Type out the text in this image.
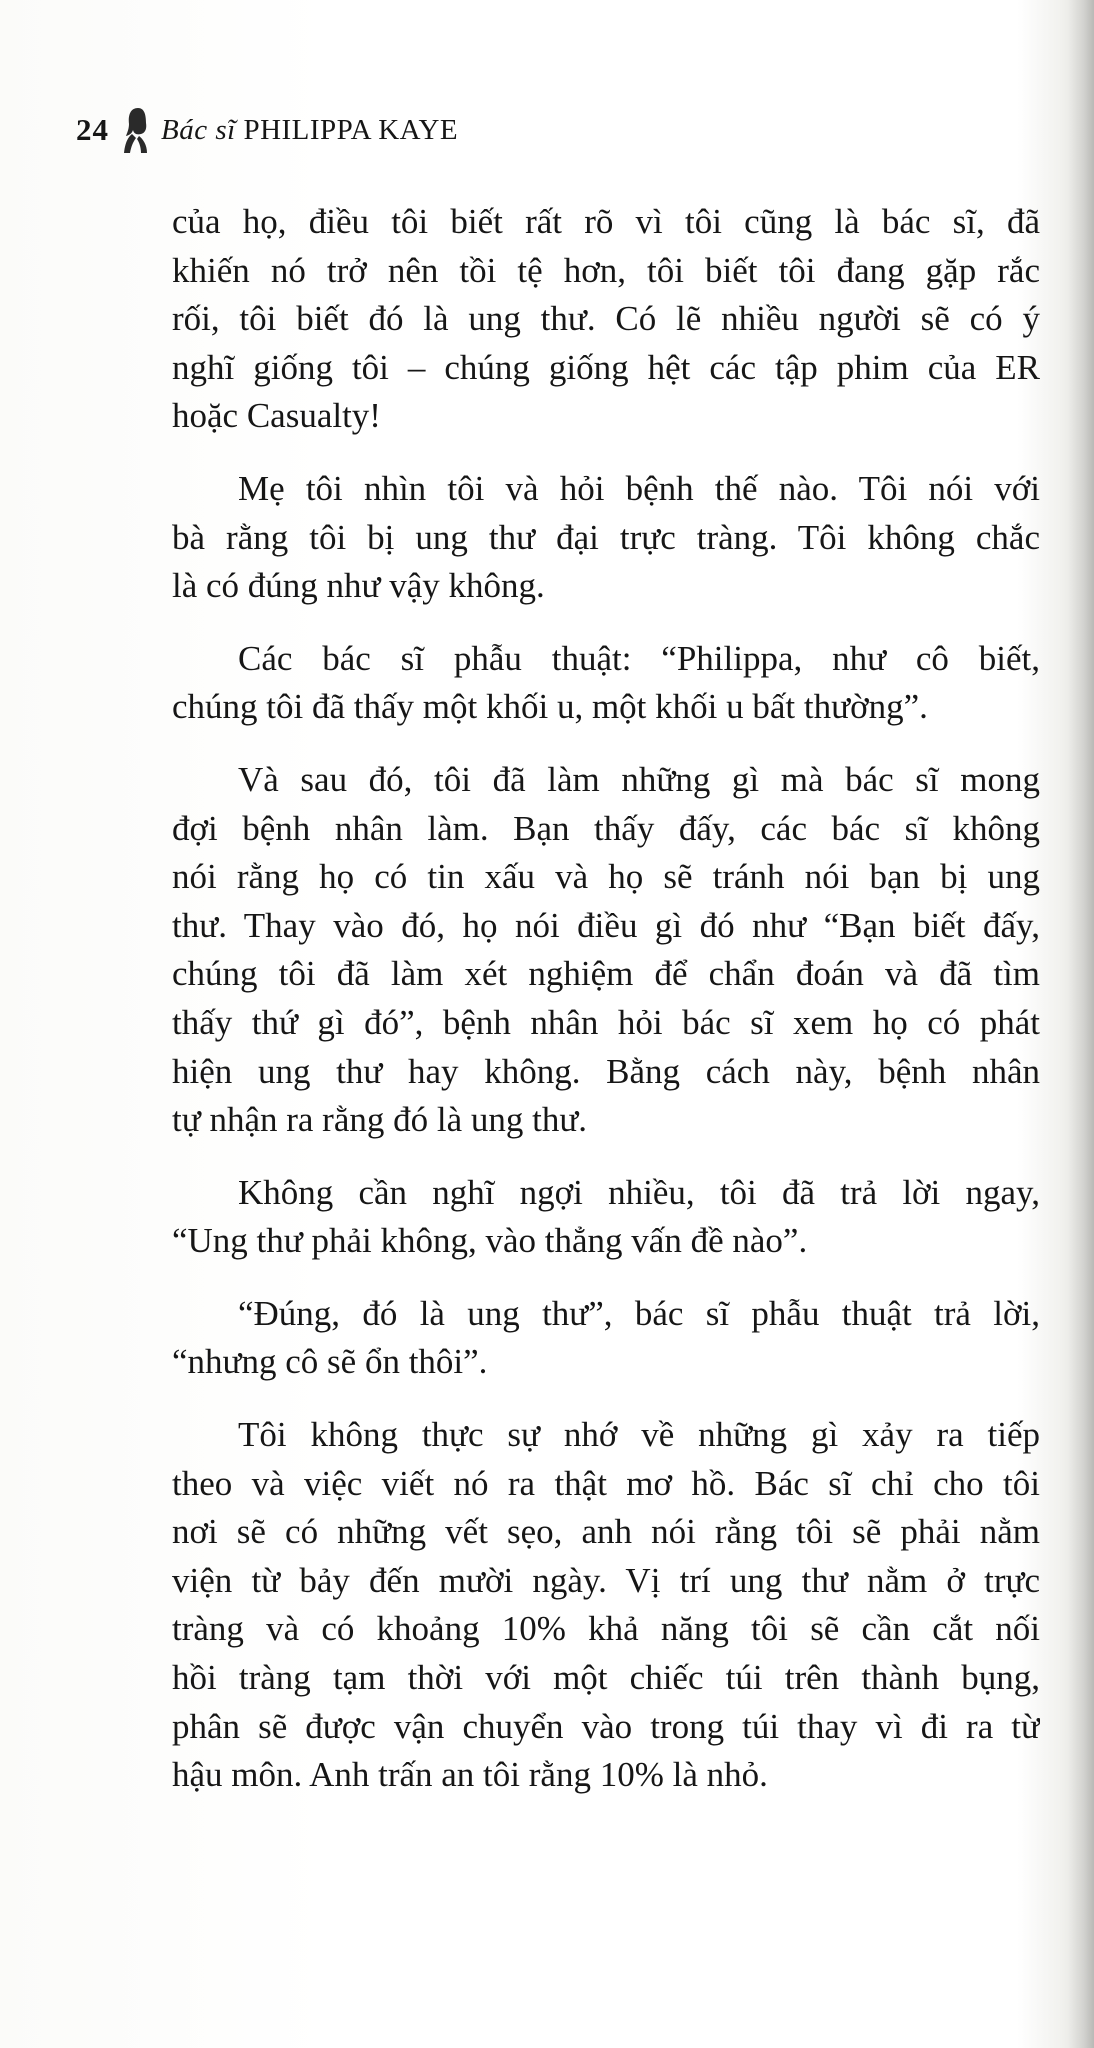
24 Bác sĩ PHILIPPA KAYE

của họ, điều tôi biết rất rõ vì tôi cũng là bác sĩ, đã
khiến nó trở nên tồi tệ hơn, tôi biết tôi đang gặp rắc
rối, tôi biết đó là ung thư. Có lẽ nhiều người sẽ có ý
nghĩ giống tôi – chúng giống hệt các tập phim của ER
hoặc Casualty!

Mẹ tôi nhìn tôi và hỏi bệnh thế nào. Tôi nói với
bà rằng tôi bị ung thư đại trực tràng. Tôi không chắc
là có đúng như vậy không.

Các bác sĩ phẫu thuật: “Philippa, như cô biết,
chúng tôi đã thấy một khối u, một khối u bất thường”.

Và sau đó, tôi đã làm những gì mà bác sĩ mong
đợi bệnh nhân làm. Bạn thấy đấy, các bác sĩ không
nói rằng họ có tin xấu và họ sẽ tránh nói bạn bị ung
thư. Thay vào đó, họ nói điều gì đó như “Bạn biết đấy,
chúng tôi đã làm xét nghiệm để chẩn đoán và đã tìm
thấy thứ gì đó”, bệnh nhân hỏi bác sĩ xem họ có phát
hiện ung thư hay không. Bằng cách này, bệnh nhân
tự nhận ra rằng đó là ung thư.

Không cần nghĩ ngợi nhiều, tôi đã trả lời ngay,
“Ung thư phải không, vào thẳng vấn đề nào”.

“Đúng, đó là ung thư”, bác sĩ phẫu thuật trả lời,
“nhưng cô sẽ ổn thôi”.

Tôi không thực sự nhớ về những gì xảy ra tiếp
theo và việc viết nó ra thật mơ hồ. Bác sĩ chỉ cho tôi
nơi sẽ có những vết sẹo, anh nói rằng tôi sẽ phải nằm
viện từ bảy đến mười ngày. Vị trí ung thư nằm ở trực
tràng và có khoảng 10% khả năng tôi sẽ cần cắt nối
hồi tràng tạm thời với một chiếc túi trên thành bụng,
phân sẽ được vận chuyển vào trong túi thay vì đi ra từ
hậu môn. Anh trấn an tôi rằng 10% là nhỏ.
